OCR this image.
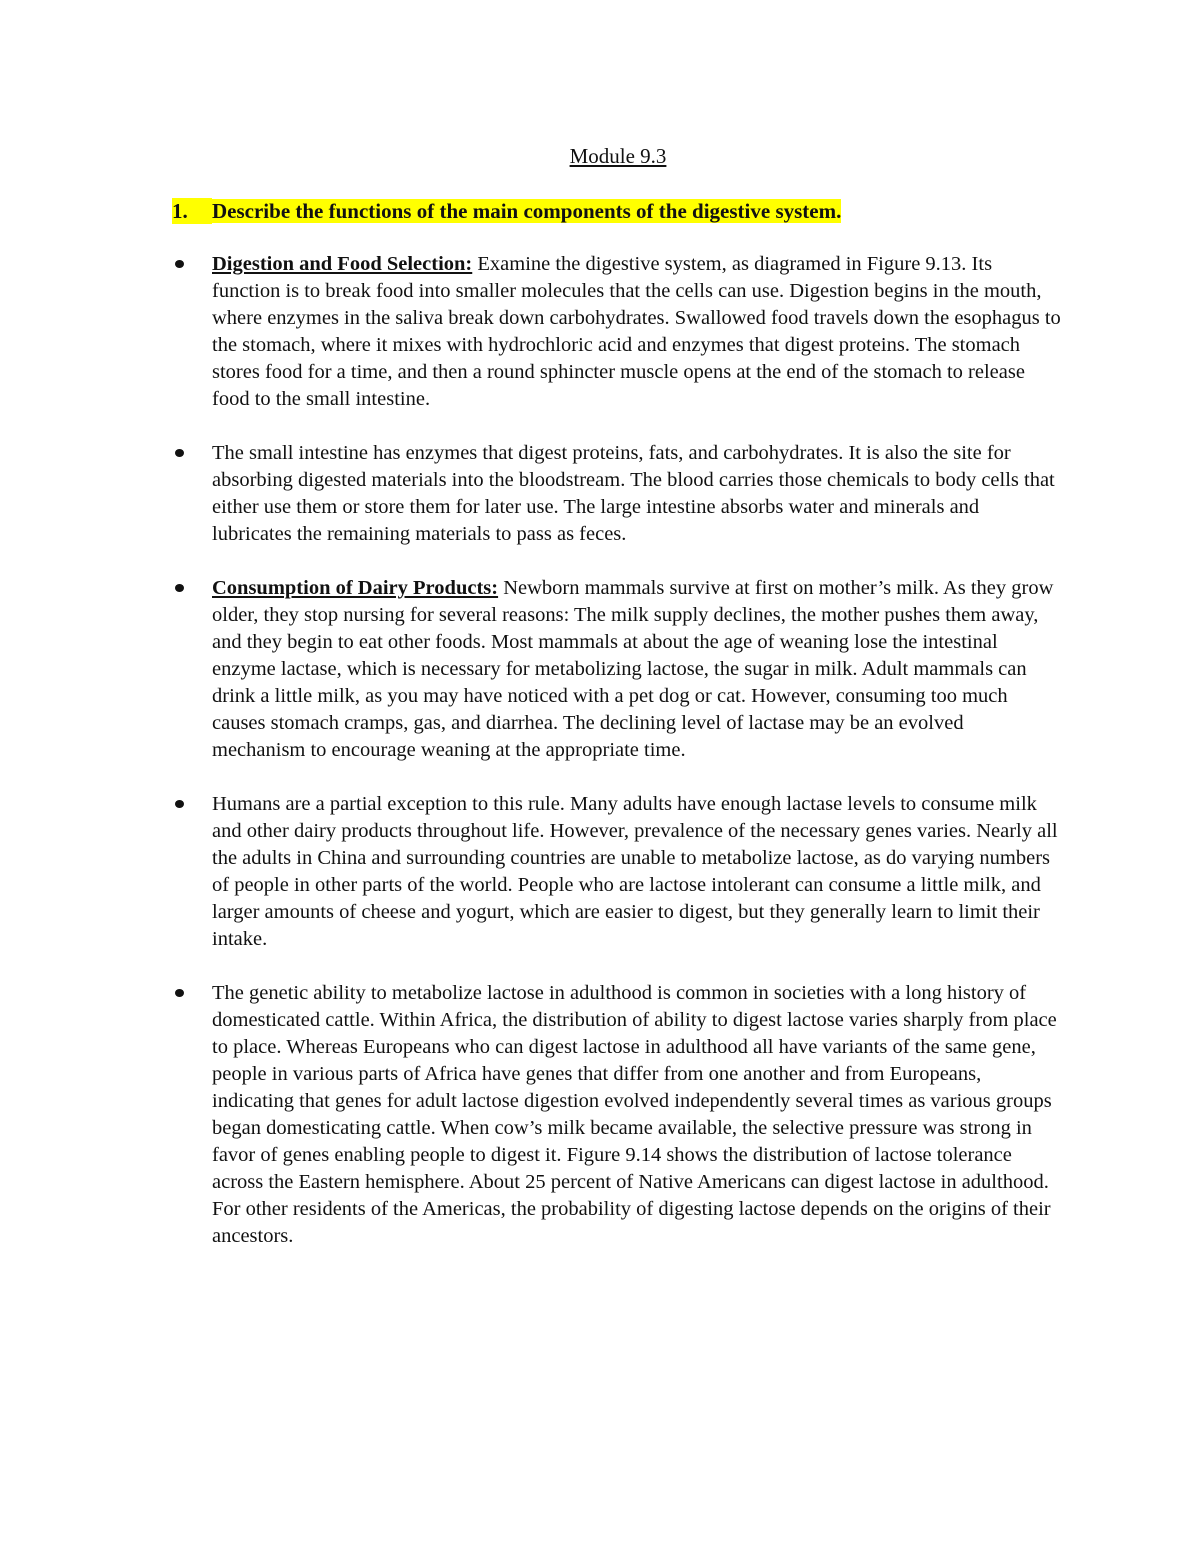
Module 9.3
1. Describe the functions of the main components of the digestive system.
Digestion and Food Selection: Examine the digestive system, as diagramed in Figure 9.13. Its function is to break food into smaller molecules that the cells can use. Digestion begins in the mouth, where enzymes in the saliva break down carbohydrates. Swallowed food travels down the esophagus to the stomach, where it mixes with hydrochloric acid and enzymes that digest proteins. The stomach stores food for a time, and then a round sphincter muscle opens at the end of the stomach to release food to the small intestine.
The small intestine has enzymes that digest proteins, fats, and carbohydrates. It is also the site for absorbing digested materials into the bloodstream. The blood carries those chemicals to body cells that either use them or store them for later use. The large intestine absorbs water and minerals and lubricates the remaining materials to pass as feces.
Consumption of Dairy Products: Newborn mammals survive at first on mother’s milk. As they grow older, they stop nursing for several reasons: The milk supply declines, the mother pushes them away, and they begin to eat other foods. Most mammals at about the age of weaning lose the intestinal enzyme lactase, which is necessary for metabolizing lactose, the sugar in milk. Adult mammals can drink a little milk, as you may have noticed with a pet dog or cat. However, consuming too much causes stomach cramps, gas, and diarrhea. The declining level of lactase may be an evolved mechanism to encourage weaning at the appropriate time.
Humans are a partial exception to this rule. Many adults have enough lactase levels to consume milk and other dairy products throughout life. However, prevalence of the necessary genes varies. Nearly all the adults in China and surrounding countries are unable to metabolize lactose, as do varying numbers of people in other parts of the world. People who are lactose intolerant can consume a little milk, and larger amounts of cheese and yogurt, which are easier to digest, but they generally learn to limit their intake.
The genetic ability to metabolize lactose in adulthood is common in societies with a long history of domesticated cattle. Within Africa, the distribution of ability to digest lactose varies sharply from place to place. Whereas Europeans who can digest lactose in adulthood all have variants of the same gene, people in various parts of Africa have genes that differ from one another and from Europeans, indicating that genes for adult lactose digestion evolved independently several times as various groups began domesticating cattle. When cow’s milk became available, the selective pressure was strong in favor of genes enabling people to digest it. Figure 9.14 shows the distribution of lactose tolerance across the Eastern hemisphere. About 25 percent of Native Americans can digest lactose in adulthood. For other residents of the Americas, the probability of digesting lactose depends on the origins of their ancestors.
